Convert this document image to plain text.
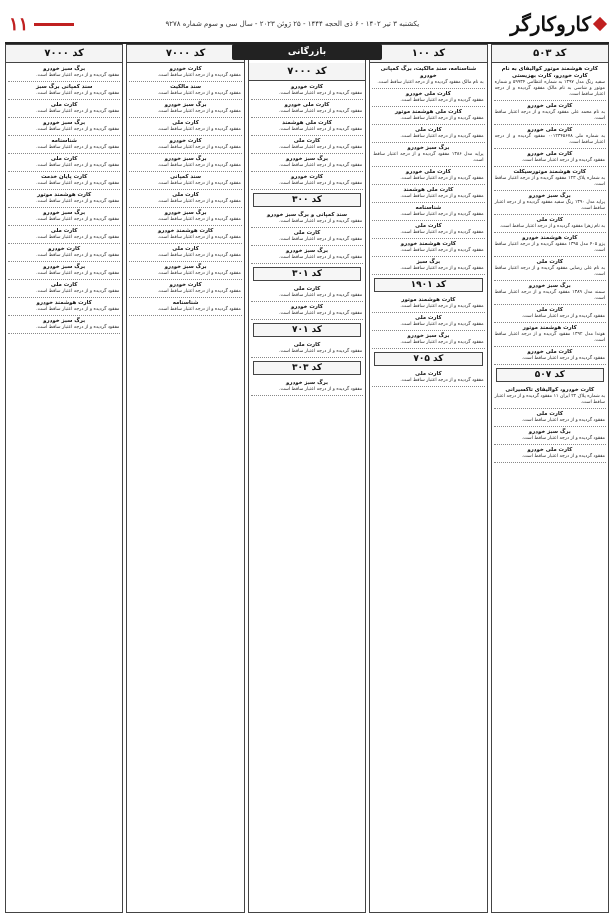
کاروکارگر
یکشنبه ۳ تیر ۱۴۰۲ - ۶ ذی الحجه ۱۴۴۴ - ۲۵ ژوئن ۲۰۲۳ - سال سی و سوم شماره ۹۲۷۸
۱۱
کد ۵۰۳
کارت هوشمند موتور کوالیفای به نام کارت خودرو، کارت بهزیستی
سفید رنگ مدل ۱۳۹۷ به شماره انتظامی ۵۹۹۳۴ و شماره موتور و شاسی به نام مالک مفقود گردیده و از درجه اعتبار ساقط است.
کارت ملی خودرو
به نام محمد علی مفقود گردیده و از درجه اعتبار ساقط است.
کارت ملی خودرو
به شماره ملی ۰۰۱۲۳۴۵۶۷۸ مفقود گردیده و از درجه اعتبار ساقط است.
کارت ملی خودرو
مفقود گردیده و از درجه اعتبار ساقط است.
کارت هوشمند موتورسیکلت
به شماره پلاک ۱۲۳ مفقود گردیده و از درجه اعتبار ساقط است.
برگ سبز خودرو
پراید مدل ۱۳۹۰ رنگ سفید مفقود گردیده و از درجه اعتبار ساقط است.
کارت ملی
به نام زهرا مفقود گردیده و از درجه اعتبار ساقط است.
کارت هوشمند خودرو
پژو ۴۰۵ مدل ۱۳۹۵ مفقود گردیده و از درجه اعتبار ساقط است.
کارت ملی
به نام علی رضایی مفقود گردیده و از درجه اعتبار ساقط است.
برگ سبز خودرو
سمند مدل ۱۳۸۹ مفقود گردیده و از درجه اعتبار ساقط است.
کارت ملی
مفقود گردیده و از درجه اعتبار ساقط است.
کارت هوشمند موتور
هوندا مدل ۱۳۹۲ مفقود گردیده و از درجه اعتبار ساقط است.
کارت ملی خودرو
مفقود گردیده و از درجه اعتبار ساقط است.
کد ۵۰۷
کارت خودرو، کوالیفای تاکسیرانی
به شماره پلاک ۲۲ ایران ۱۱ مفقود گردیده و از درجه اعتبار ساقط است.
کارت ملی
مفقود گردیده و از درجه اعتبار ساقط است.
برگ سبز خودرو
مفقود گردیده و از درجه اعتبار ساقط است.
کارت ملی خودرو
مفقود گردیده و از درجه اعتبار ساقط است.
کد ۱۰۰
شناسنامه، سند مالکیت، برگ کمپانی خودرو
به نام مالک مفقود گردیده و از درجه اعتبار ساقط است.
کارت ملی خودرو
مفقود گردیده و از درجه اعتبار ساقط است.
کارت ملی هوشمند موتور
مفقود گردیده و از درجه اعتبار ساقط است.
کارت ملی
مفقود گردیده و از درجه اعتبار ساقط است.
برگ سبز خودرو
پراید مدل ۱۳۸۶ مفقود گردیده و از درجه اعتبار ساقط است.
کارت ملی خودرو
مفقود گردیده و از درجه اعتبار ساقط است.
کارت ملی هوشمند
مفقود گردیده و از درجه اعتبار ساقط است.
شناسنامه
مفقود گردیده و از درجه اعتبار ساقط است.
کارت ملی
مفقود گردیده و از درجه اعتبار ساقط است.
کارت هوشمند خودرو
مفقود گردیده و از درجه اعتبار ساقط است.
برگ سبز
مفقود گردیده و از درجه اعتبار ساقط است.
کد ۱۹۰۱
کارت هوشمند موتور
مفقود گردیده و از درجه اعتبار ساقط است.
کارت ملی
مفقود گردیده و از درجه اعتبار ساقط است.
برگ سبز خودرو
مفقود گردیده و از درجه اعتبار ساقط است.
کد ۷۰۵
کارت ملی
مفقود گردیده و از درجه اعتبار ساقط است.
کد ۷۰۰۰
کارت خودرو
مفقود گردیده و از درجه اعتبار ساقط است.
کارت ملی خودرو
مفقود گردیده و از درجه اعتبار ساقط است.
کارت ملی هوشمند
مفقود گردیده و از درجه اعتبار ساقط است.
کارت ملی
مفقود گردیده و از درجه اعتبار ساقط است.
برگ سبز خودرو
مفقود گردیده و از درجه اعتبار ساقط است.
کارت خودرو
مفقود گردیده و از درجه اعتبار ساقط است.
کد ۳۰۰
سند کمپانی و برگ سبز خودرو
مفقود گردیده و از درجه اعتبار ساقط است.
کارت ملی
مفقود گردیده و از درجه اعتبار ساقط است.
برگ سبز خودرو
مفقود گردیده و از درجه اعتبار ساقط است.
کد ۳۰۱
کارت ملی
مفقود گردیده و از درجه اعتبار ساقط است.
کارت خودرو
مفقود گردیده و از درجه اعتبار ساقط است.
کد ۷۰۱
کارت ملی
مفقود گردیده و از درجه اعتبار ساقط است.
کد ۳۰۳
برگ سبز خودرو
مفقود گردیده و از درجه اعتبار ساقط است.
کد ۷۰۰۰
کارت خودرو
مفقود گردیده و از درجه اعتبار ساقط است.
سند مالکیت
مفقود گردیده و از درجه اعتبار ساقط است.
برگ سبز خودرو
مفقود گردیده و از درجه اعتبار ساقط است.
کارت ملی
مفقود گردیده و از درجه اعتبار ساقط است.
کارت خودرو
مفقود گردیده و از درجه اعتبار ساقط است.
برگ سبز خودرو
مفقود گردیده و از درجه اعتبار ساقط است.
سند کمپانی
مفقود گردیده و از درجه اعتبار ساقط است.
کارت ملی
مفقود گردیده و از درجه اعتبار ساقط است.
برگ سبز خودرو
مفقود گردیده و از درجه اعتبار ساقط است.
کارت هوشمند خودرو
مفقود گردیده و از درجه اعتبار ساقط است.
کارت ملی
مفقود گردیده و از درجه اعتبار ساقط است.
برگ سبز خودرو
مفقود گردیده و از درجه اعتبار ساقط است.
کارت خودرو
مفقود گردیده و از درجه اعتبار ساقط است.
شناسنامه
مفقود گردیده و از درجه اعتبار ساقط است.
کد ۷۰۰۰
برگ سبز خودرو
مفقود گردیده و از درجه اعتبار ساقط است.
سند کمپانی برگ سبز
مفقود گردیده و از درجه اعتبار ساقط است.
کارت ملی
مفقود گردیده و از درجه اعتبار ساقط است.
برگ سبز خودرو
مفقود گردیده و از درجه اعتبار ساقط است.
شناسنامه
مفقود گردیده و از درجه اعتبار ساقط است.
کارت ملی
مفقود گردیده و از درجه اعتبار ساقط است.
کارت پایان خدمت
مفقود گردیده و از درجه اعتبار ساقط است.
کارت هوشمند موتور
مفقود گردیده و از درجه اعتبار ساقط است.
برگ سبز خودرو
مفقود گردیده و از درجه اعتبار ساقط است.
کارت ملی
مفقود گردیده و از درجه اعتبار ساقط است.
کارت خودرو
مفقود گردیده و از درجه اعتبار ساقط است.
برگ سبز خودرو
مفقود گردیده و از درجه اعتبار ساقط است.
کارت ملی
مفقود گردیده و از درجه اعتبار ساقط است.
کارت هوشمند خودرو
مفقود گردیده و از درجه اعتبار ساقط است.
برگ سبز خودرو
مفقود گردیده و از درجه اعتبار ساقط است.
بازرگانی
